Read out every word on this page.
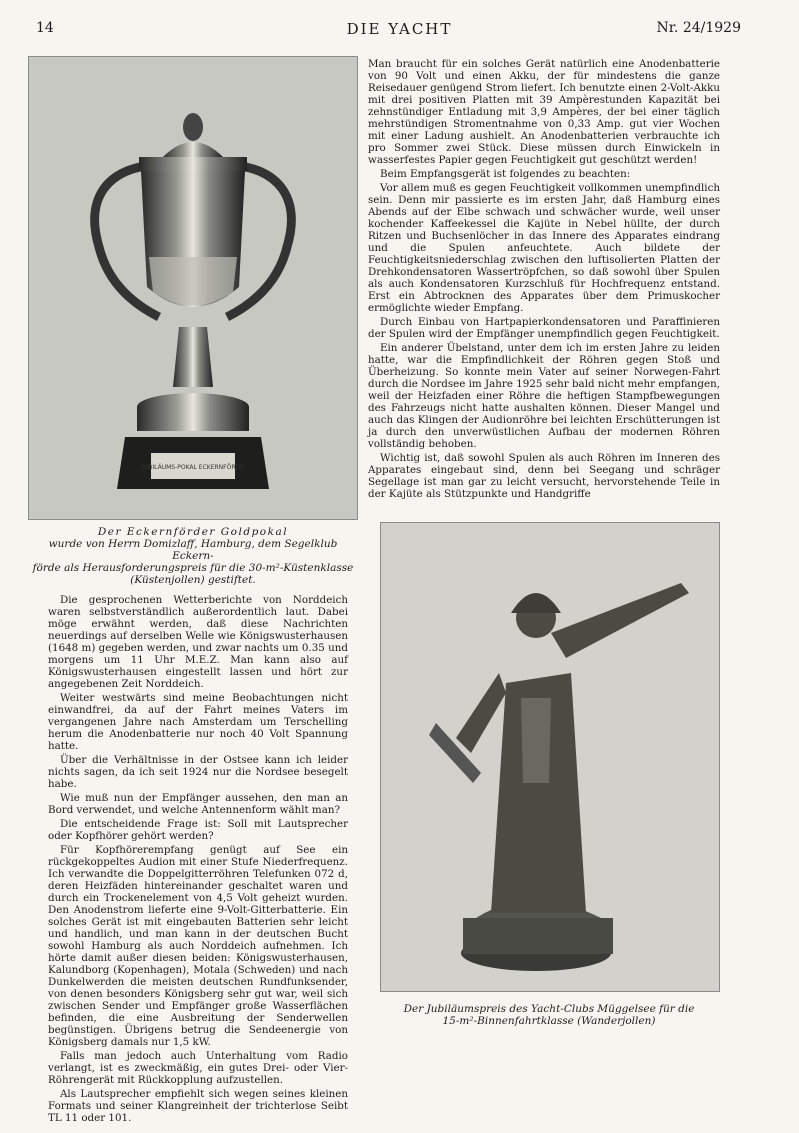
14	DIE YACHT	Nr. 24/1929
JUBILÄUMS-POKAL ECKERNFÖRDE
Der Eckernförder Goldpokal
wurde von Herrn Domizlaff, Hamburg, dem Segelklub Eckern-
förde als Herausforderungspreis für die 30-m²-Küstenklasse
(Küstenjollen) gestiftet.

Man braucht für ein solches Gerät natürlich eine Anodenbatterie von 90 Volt und einen Akku, der für mindestens die ganze Reisedauer genügend Strom liefert. Ich benutzte einen 2-Volt-Akku mit drei positiven Platten mit 39 Ampèrestunden Kapazität bei zehnstündiger Entladung mit 3,9 Ampères, der bei einer täglich mehrstündigen Stromentnahme von 0,33 Amp. gut vier Wochen mit einer Ladung aushielt. An Anodenbatterien verbrauchte ich pro Sommer zwei Stück. Diese müssen durch Einwickeln in wasserfestes Papier gegen Feuchtigkeit gut geschützt werden!

Beim Empfangsgerät ist folgendes zu beachten:

Vor allem muß es gegen Feuchtigkeit vollkommen unempfindlich sein. Denn mir passierte es im ersten Jahr, daß Hamburg eines Abends auf der Elbe schwach und schwächer wurde, weil unser kochender Kaffeekessel die Kajüte in Nebel hüllte, der durch Ritzen und Buchsenlöcher in das Innere des Apparates eindrang und die Spulen anfeuchtete. Auch bildete der Feuchtigkeitsniederschlag zwischen den luftisolierten Platten der Drehkondensatoren Wassertröpfchen, so daß sowohl über Spulen als auch Kondensatoren Kurzschluß für Hochfrequenz entstand. Erst ein Abtrocknen des Apparates über dem Primuskocher ermöglichte wieder Empfang.

Durch Einbau von Hartpapierkondensatoren und Paraffinieren der Spulen wird der Empfänger unempfindlich gegen Feuchtigkeit.

Ein anderer Übelstand, unter dem ich im ersten Jahre zu leiden hatte, war die Empfindlichkeit der Röhren gegen Stoß und Überheizung. So konnte mein Vater auf seiner Norwegen-Fahrt durch die Nordsee im Jahre 1925 sehr bald nicht mehr empfangen, weil der Heizfaden einer Röhre die heftigen Stampfbewegungen des Fahrzeugs nicht hatte aushalten können. Dieser Mangel und auch das Klingen der Audionröhre bei leichten Erschütterungen ist ja durch den unverwüstlichen Aufbau der modernen Röhren vollständig behoben.

Wichtig ist, daß sowohl Spulen als auch Röhren im Inneren des Apparates eingebaut sind, denn bei Seegang und schräger Segellage ist man gar zu leicht versucht, hervorstehende Teile in der Kajüte als Stützpunkte und Handgriffe

Der Jubiläumspreis des Yacht-Clubs Müggelsee für die
15-m²-Binnenfahrtklasse (Wanderjollen)

Die gesprochenen Wetterberichte von Norddeich waren selbstverständlich außerordentlich laut. Dabei möge erwähnt werden, daß diese Nachrichten neuerdings auf derselben Welle wie Königswusterhausen (1648 m) gegeben werden, und zwar nachts um 0.35 und morgens um 11 Uhr M.E.Z. Man kann also auf Königswusterhausen eingestellt lassen und hört zur angegebenen Zeit Norddeich.

Weiter westwärts sind meine Beobachtungen nicht einwandfrei, da auf der Fahrt meines Vaters im vergangenen Jahre nach Amsterdam um Terschelling herum die Anodenbatterie nur noch 40 Volt Spannung hatte.

Über die Verhältnisse in der Ostsee kann ich leider nichts sagen, da ich seit 1924 nur die Nordsee besegelt habe.

Wie muß nun der Empfänger aussehen, den man an Bord verwendet, und welche Antennenform wählt man?

Die entscheidende Frage ist: Soll mit Lautsprecher oder Kopfhörer gehört werden?

Für Kopfhörerempfang genügt auf See ein rückgekoppeltes Audion mit einer Stufe Niederfrequenz. Ich verwandte die Doppelgitterröhren Telefunken 072 d, deren Heizfäden hintereinander geschaltet waren und durch ein Trockenelement von 4,5 Volt geheizt wurden. Den Anodenstrom lieferte eine 9-Volt-Gitterbatterie. Ein solches Gerät ist mit eingebauten Batterien sehr leicht und handlich, und man kann in der deutschen Bucht sowohl Hamburg als auch Norddeich aufnehmen. Ich hörte damit außer diesen beiden: Königswusterhausen, Kalundborg (Kopenhagen), Motala (Schweden) und nach Dunkelwerden die meisten deutschen Rundfunksender, von denen besonders Königsberg sehr gut war, weil sich zwischen Sender und Empfänger große Wasserflächen befinden, die eine Ausbreitung der Senderwellen begünstigen. Übrigens betrug die Sendeenergie von Königsberg damals nur 1,5 kW.

Falls man jedoch auch Unterhaltung vom Radio verlangt, ist es zweckmäßig, ein gutes Drei- oder Vier-Röhrengerät mit Rückkopplung aufzustellen.

Als Lautsprecher empfiehlt sich wegen seines kleinen Formats und seiner Klangreinheit der trichterlose Seibt TL 11 oder 101.
